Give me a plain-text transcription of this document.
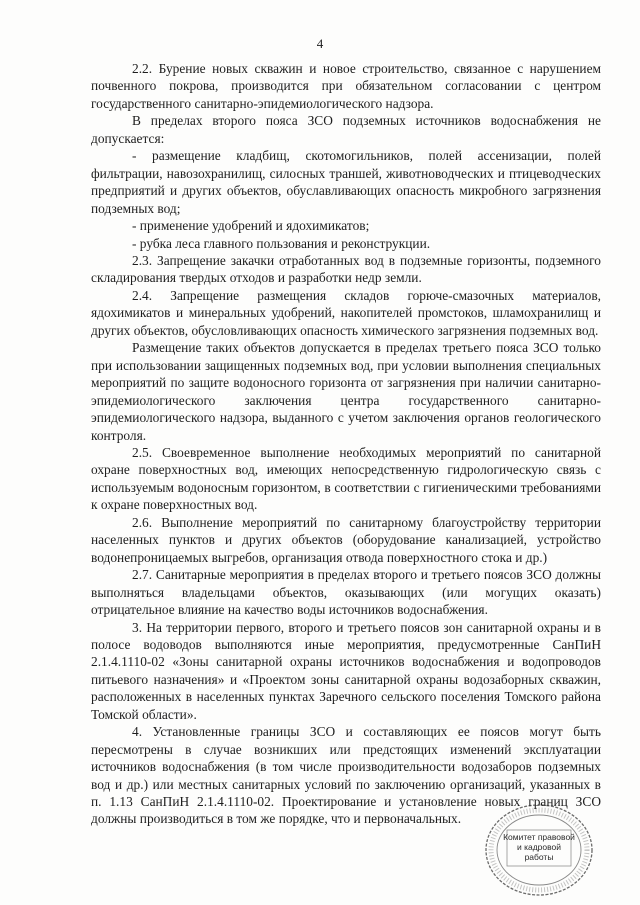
4

2.2. Бурение новых скважин и новое строительство, связанное с нарушением почвенного покрова, производится при обязательном согласовании с центром государственного санитарно-эпидемиологического надзора.

В пределах второго пояса ЗСО подземных источников водоснабжения не допускается:

- размещение кладбищ, скотомогильников, полей ассенизации, полей фильтрации, навозохранилищ, силосных траншей, животноводческих и птицеводческих предприятий и других объектов, обуславливающих опасность микробного загрязнения подземных вод;

- применение удобрений и ядохимикатов;

- рубка леса главного пользования и реконструкции.

2.3. Запрещение закачки отработанных вод в подземные горизонты, подземного складирования твердых отходов и разработки недр земли.

2.4. Запрещение размещения складов горюче-смазочных материалов, ядохимикатов и минеральных удобрений, накопителей промстоков, шламохранилищ и других объектов, обусловливающих опасность химического загрязнения подземных вод.

Размещение таких объектов допускается в пределах третьего пояса ЗСО только при использовании защищенных подземных вод, при условии выполнения специальных мероприятий по защите водоносного горизонта от загрязнения при наличии санитарно-эпидемиологического заключения центра государственного санитарно-эпидемиологического надзора, выданного с учетом заключения органов геологического контроля.

2.5. Своевременное выполнение необходимых мероприятий по санитарной охране поверхностных вод, имеющих непосредственную гидрологическую связь с используемым водоносным горизонтом, в соответствии с гигиеническими требованиями к охране поверхностных вод.

2.6. Выполнение мероприятий по санитарному благоустройству территории населенных пунктов и других объектов (оборудование канализацией, устройство водонепроницаемых выгребов, организация отвода поверхностного стока и др.)

2.7. Санитарные мероприятия в пределах второго и третьего поясов ЗСО должны выполняться владельцами объектов, оказывающих (или могущих оказать) отрицательное влияние на качество воды источников водоснабжения.

3. На территории первого, второго и третьего поясов зон санитарной охраны и в полосе водоводов выполняются иные мероприятия, предусмотренные СанПиН 2.1.4.1110-02 «Зоны санитарной охраны источников водоснабжения и водопроводов питьевого назначения» и «Проектом зоны санитарной охраны водозаборных скважин, расположенных в населенных пунктах Заречного сельского поселения Томского района Томской области».

4. Установленные границы ЗСО и составляющих ее поясов могут быть пересмотрены в случае возникших или предстоящих изменений эксплуатации источников водоснабжения (в том числе производительности водозаборов подземных вод и др.) или местных санитарных условий по заключению организаций, указанных в п. 1.13 СанПиН 2.1.4.1110-02. Проектирование и установление новых границ ЗСО должны производиться в том же порядке, что и первоначальных.

Комитет правовой
и кадровой
работы
